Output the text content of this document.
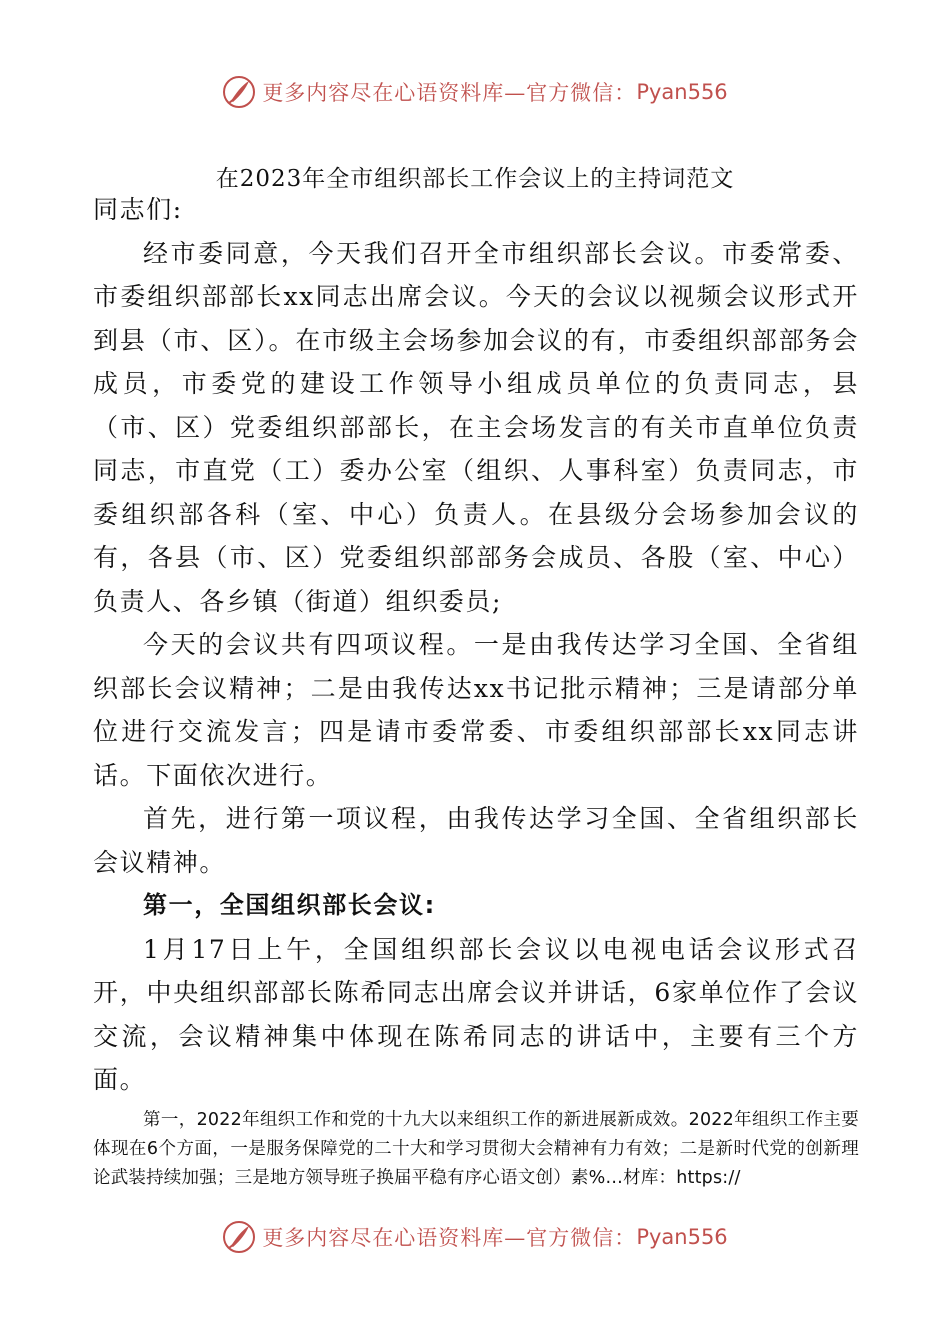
更多内容尽在心语资料库—官方微信： Pyan556
在2023年全市组织部长工作会议上的主持词范文

同志们:

经市委同意，今天我们召开全市组织部长会议。市委常委、市委组织部部长xx同志出席会议。今天的会议以视频会议形式开到县（市、区）。在市级主会场参加会议的有，市委组织部部务会成员，市委党的建设工作领导小组成员单位的负责同志，县（市、区）党委组织部部长，在主会场发言的有关市直单位负责同志，市直党（工）委办公室（组织、人事科室）负责同志，市委组织部各科（室、中心）负责人。在县级分会场参加会议的有，各县（市、区）党委组织部部务会成员、各股（室、中心）负责人、各乡镇（街道）组织委员;

今天的会议共有四项议程。一是由我传达学习全国、全省组织部长会议精神；二是由我传达xx书记批示精神；三是请部分单位进行交流发言；四是请市委常委、市委组织部部长xx同志讲话。下面依次进行。

首先，进行第一项议程，由我传达学习全国、全省组织部长会议精神。

第一，全国组织部长会议:

1月17日上午，全国组织部长会议以电视电话会议形式召开，中央组织部部长陈希同志出席会议并讲话，6家单位作了会议交流，会议精神集中体现在陈希同志的讲话中，主要有三个方面。

第一，2022年组织工作和党的十九大以来组织工作的新进展新成效。2022年组织工作主要体现在6个方面，一是服务保障党的二十大和学习贯彻大会精神有力有效；二是新时代党的创新理论武装持续加强；三是地方领导班子换届平稳有序心语文创）素%…材库：https://

更多内容尽在心语资料库—官方微信： Pyan556
